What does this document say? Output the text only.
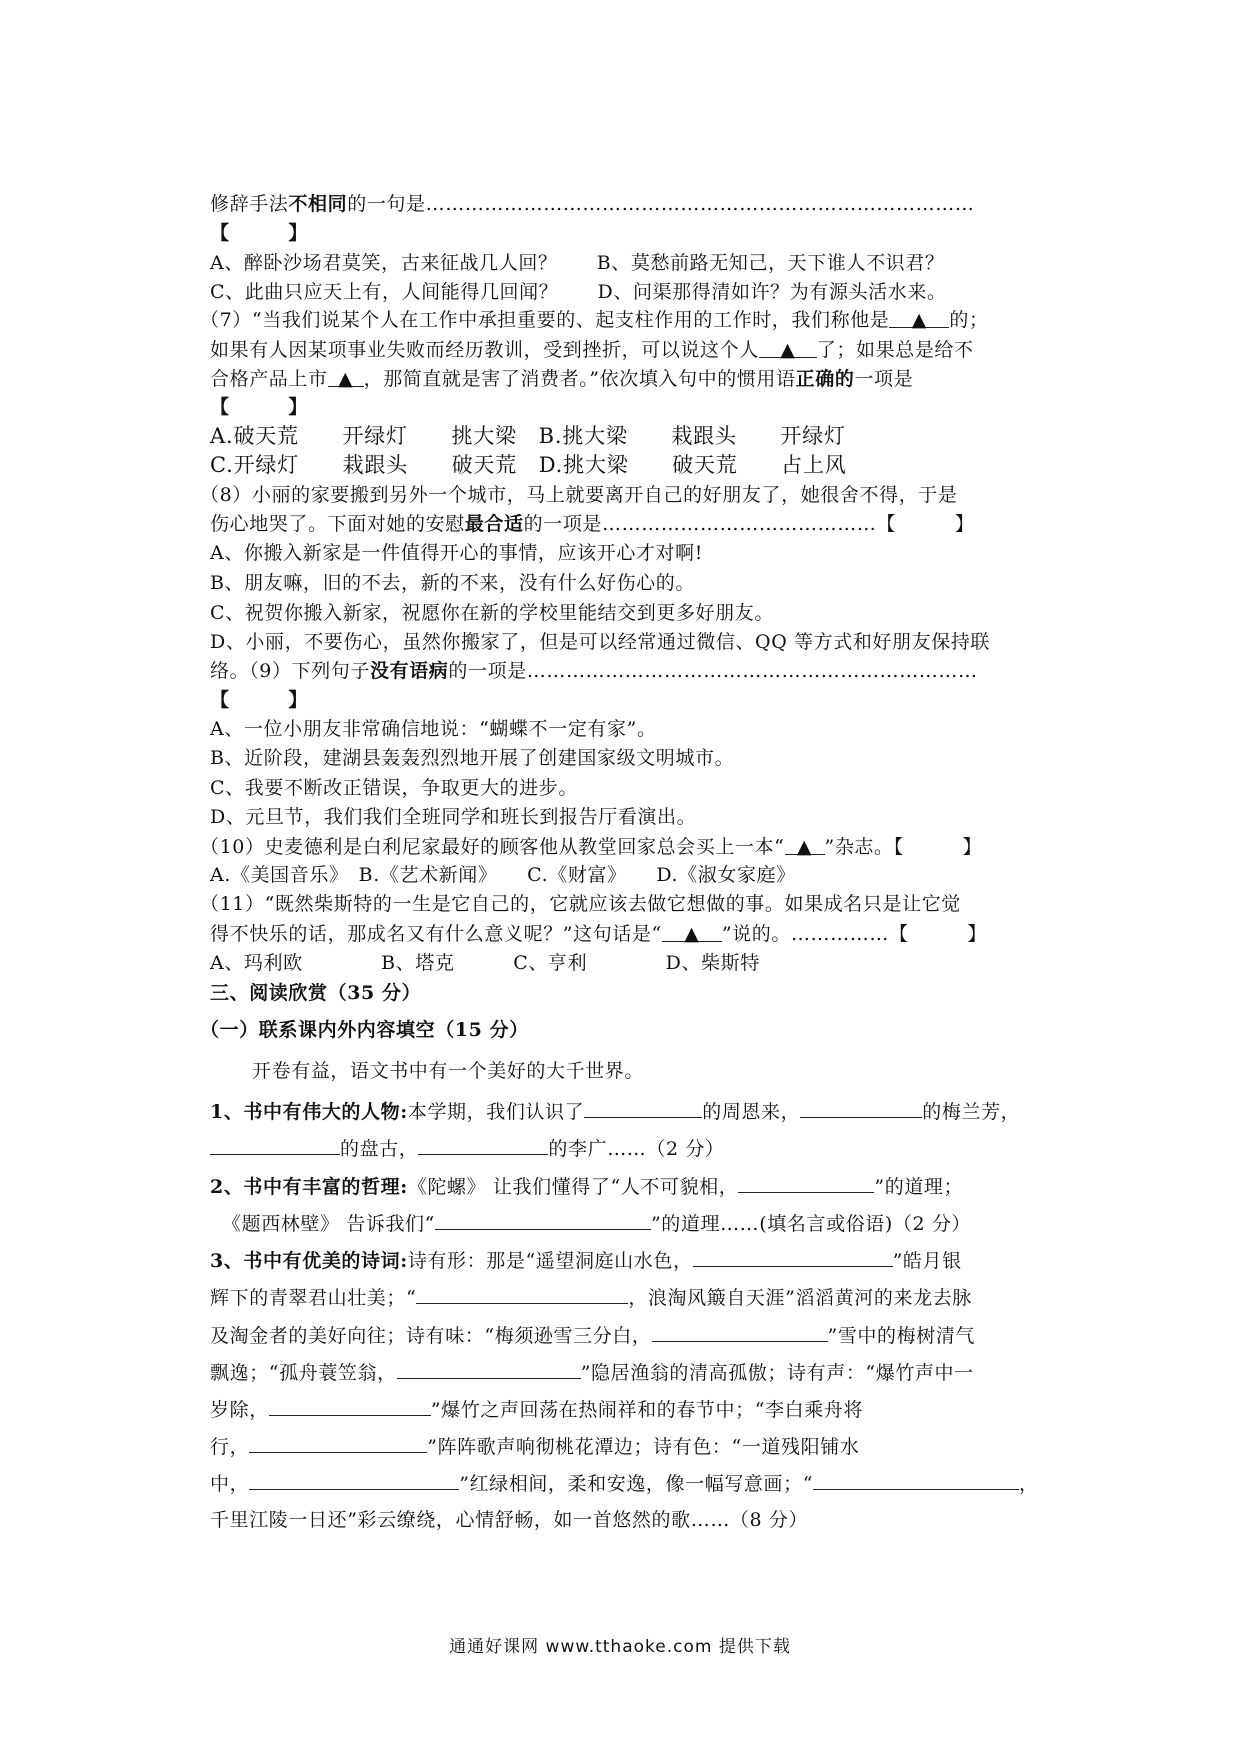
修辞手法不相同的一句是…………………………………………………………………………
【　　　】
A、醉卧沙场君莫笑，古来征战几人回？　　B、莫愁前路无知己，天下谁人不识君？
C、此曲只应天上有，人间能得几回闻？　　D、问渠那得清如许？为有源头活水来。
（7）“当我们说某个人在工作中承担重要的、起支柱作用的工作时，我们称他是 ▲ 的；
如果有人因某项事业失败而经历教训，受到挫折，可以说这个人 ▲ 了；如果总是给不
合格产品上市 ▲ ，那简直就是害了消费者。”依次填入句中的惯用语正确的一项是
【　　　】
A.破天荒　　开绿灯　　挑大梁　B.挑大梁　　栽跟头　　开绿灯
C.开绿灯　　栽跟头　　破天荒　D.挑大梁　　破天荒　　占上风
（8）小丽的家要搬到另外一个城市，马上就要离开自己的好朋友了，她很舍不得，于是
伤心地哭了。下面对她的安慰最合适的一项是……………………………………【　　　】
A、你搬入新家是一件值得开心的事情，应该开心才对啊!
B、朋友嘛，旧的不去，新的不来，没有什么好伤心的。
C、祝贺你搬入新家，祝愿你在新的学校里能结交到更多好朋友。
D、小丽，不要伤心，虽然你搬家了，但是可以经常通过微信、QQ 等方式和好朋友保持联
络。（9）下列句子没有语病的一项是……………………………………………………………
【　　　】
A、一位小朋友非常确信地说：“蝴蝶不一定有家”。
B、近阶段，建湖县轰轰烈烈地开展了创建国家级文明城市。
C、我要不断改正错误，争取更大的进步。
D、元旦节，我们我们全班同学和班长到报告厅看演出。
（10）史麦德利是白利尼家最好的顾客他从教堂回家总会买上一本“ ▲ ”杂志。【　　　】
A.《美国音乐》　B.《艺术新闻》　　C.《财富》　　D.《淑女家庭》
（11）“既然柴斯特的一生是它自己的，它就应该去做它想做的事。如果成名只是让它觉
得不快乐的话，那成名又有什么意义呢？”这句话是“ ▲ ”说的。……………【　　　】
A、玛利欧　　　　B、塔克　　　C、亨利　　　　D、柴斯特
三、阅读欣赏（35 分）
（一）联系课内外内容填空（15 分）
开卷有益，语文书中有一个美好的大千世界。
1、书中有伟大的人物:本学期，我们认识了	的周恩来，	的梅兰芳，
的盘古，	的李广……（2 分）
2、书中有丰富的哲理:《陀螺》 让我们懂得了“人不可貌相，	”的道理；
《题西林壁》 告诉我们“	”的道理……(填名言或俗语)（2 分）
3、书中有优美的诗词:诗有形：那是“遥望洞庭山水色，	”皓月银
辉下的青翠君山壮美；“	，浪淘风簸自天涯”滔滔黄河的来龙去脉
及淘金者的美好向往；诗有味：“梅须逊雪三分白，	”雪中的梅树清气
飘逸；“孤舟蓑笠翁，	”隐居渔翁的清高孤傲；诗有声：“爆竹声中一
岁除，	”爆竹之声回荡在热闹祥和的春节中；“李白乘舟将
行，	”阵阵歌声响彻桃花潭边；诗有色：“一道残阳铺水
中，	”红绿相间，柔和安逸，像一幅写意画；“	，
千里江陵一日还”彩云缭绕，心情舒畅，如一首悠然的歌……（8 分）
通通好课网 www.tthaoke.com 提供下载
